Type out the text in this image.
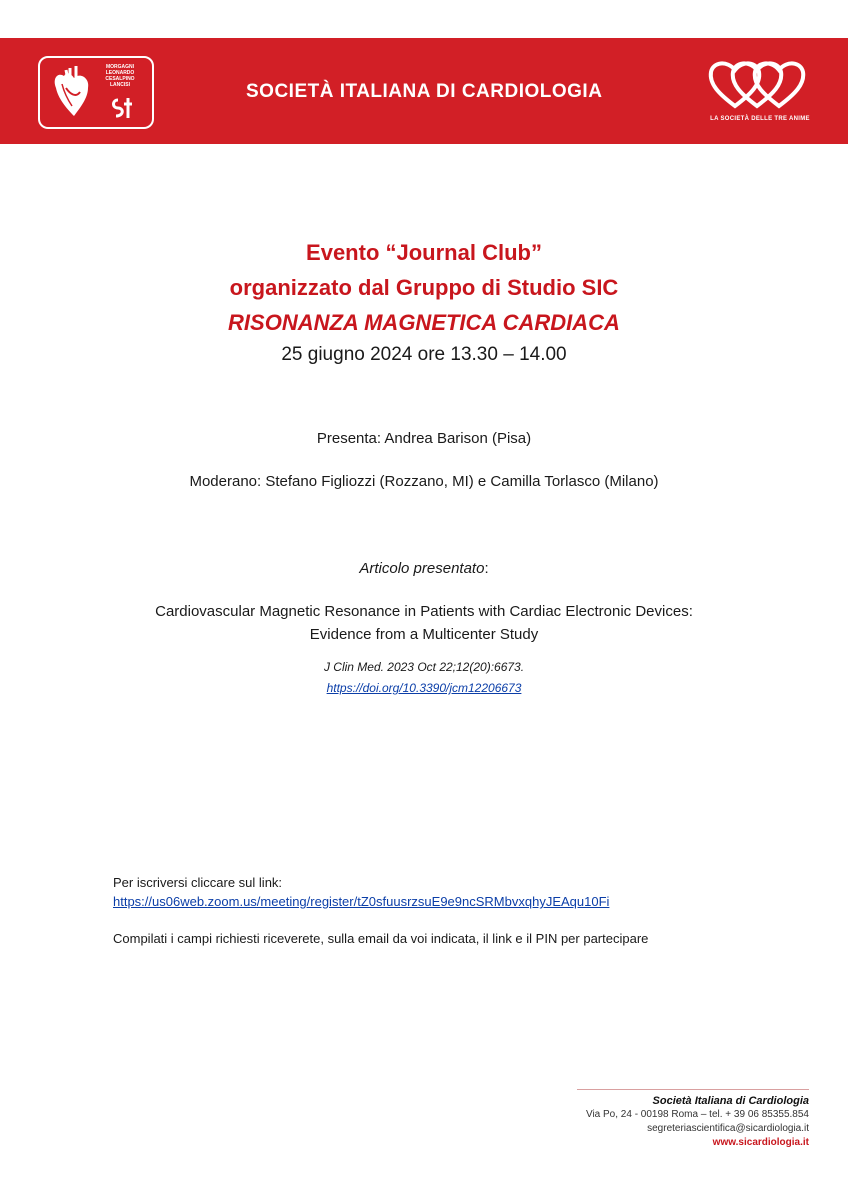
MORGAGNI
LEONARDO
CESALPINO
LANCISI	SOCIETÀ ITALIANA DI CARDIOLOGIA
LA SOCIETÀ DELLE TRE ANIME
Evento “Journal Club”
organizzato dal Gruppo di Studio SIC
RISONANZA MAGNETICA CARDIACA
25 giugno 2024 ore 13.30 – 14.00
Presenta: Andrea Barison (Pisa)
Moderano: Stefano Figliozzi (Rozzano, MI) e Camilla Torlasco (Milano)
Articolo presentato:
Cardiovascular Magnetic Resonance in Patients with Cardiac Electronic Devices:
Evidence from a Multicenter Study
J Clin Med. 2023 Oct 22;12(20):6673.
https://doi.org/10.3390/jcm12206673
Per iscriversi cliccare sul link:
https://us06web.zoom.us/meeting/register/tZ0sfuusrzsuE9e9ncSRMbvxqhyJEAqu10Fi
Compilati i campi richiesti riceverete, sulla email da voi indicata, il link e il PIN per partecipare
Società Italiana di Cardiologia
Via Po, 24 - 00198 Roma – tel. + 39 06 85355.854
segreteriascientifica@sicardiologia.it
www.sicardiologia.it
